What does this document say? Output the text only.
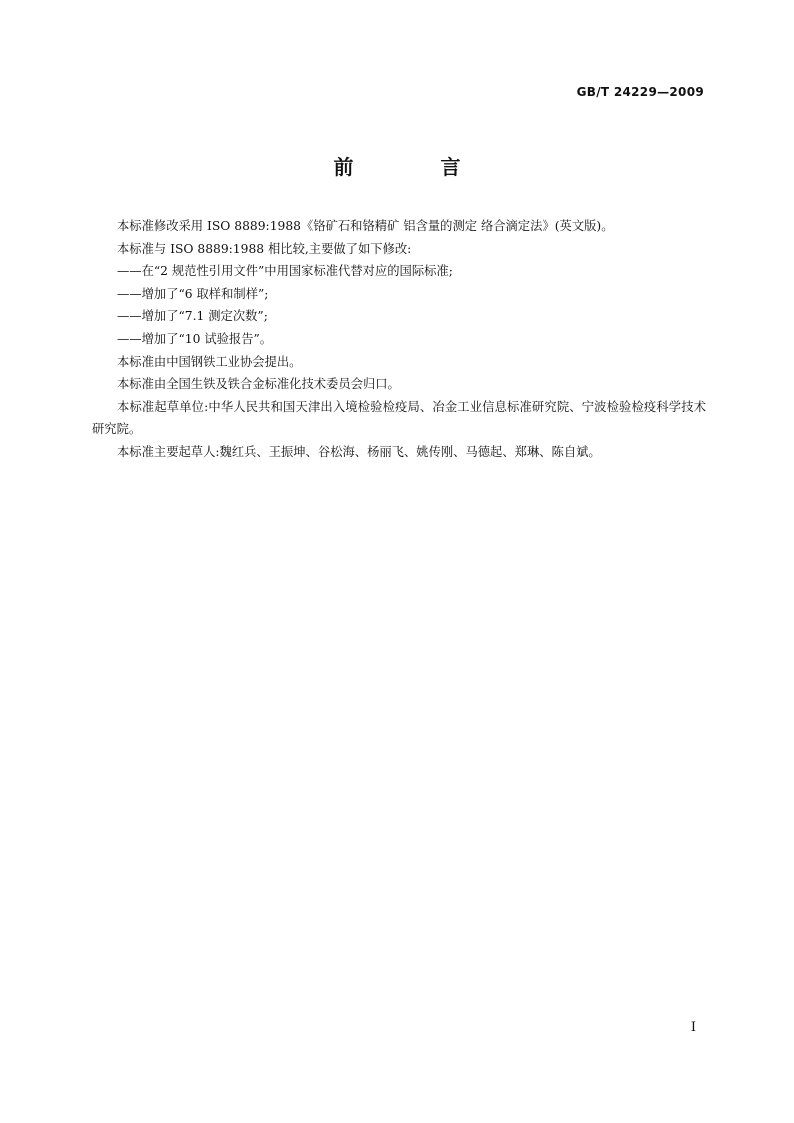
GB/T 24229—2009
前 言

本标准修改采用 ISO 8889:1988《铬矿石和铬精矿 铝含量的测定 络合滴定法》(英文版)。

本标准与 ISO 8889:1988 相比较,主要做了如下修改:

——在“2 规范性引用文件”中用国家标准代替对应的国际标准;

——增加了“6 取样和制样”;

——增加了“7.1 测定次数”;

——增加了“10 试验报告”。

本标准由中国钢铁工业协会提出。

本标准由全国生铁及铁合金标准化技术委员会归口。

本标准起草单位:中华人民共和国天津出入境检验检疫局、冶金工业信息标准研究院、宁波检验检疫科学技术研究院。

本标准主要起草人:魏红兵、王振坤、谷松海、杨丽飞、姚传刚、马德起、郑琳、陈自斌。

I
